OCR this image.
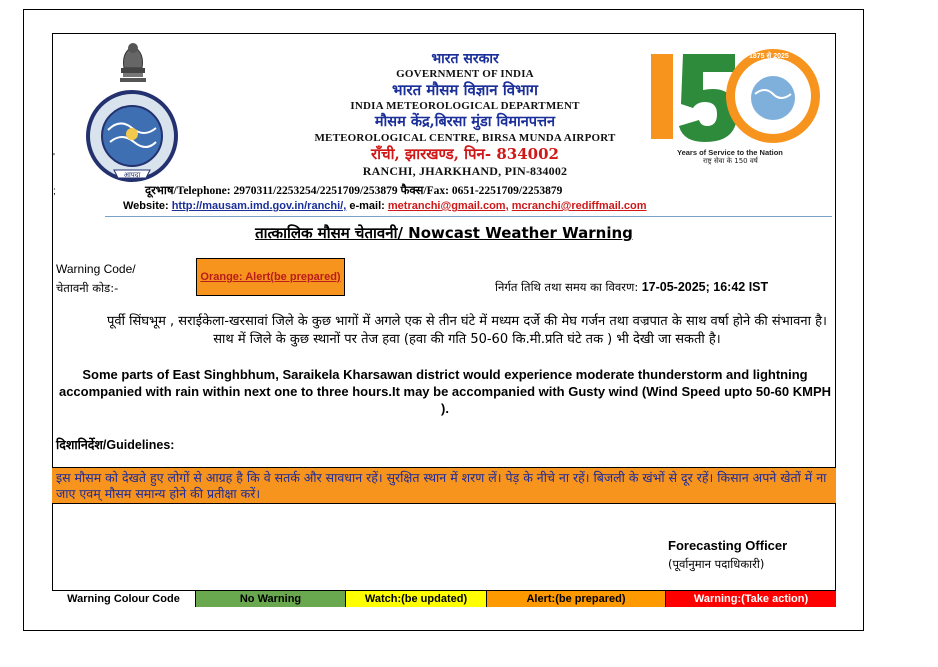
'
;
आपदा
भारत सरकार
GOVERNMENT OF INDIA
भारत मौसम विज्ञान विभाग
INDIA METEOROLOGICAL DEPARTMENT
मौसम केंद्र,बिरसा मुंडा विमानपत्तन
METEOROLOGICAL CENTRE, BIRSA MUNDA AIRPORT
राँची, झारखण्ड, पिन- 834002
RANCHI, JHARKHAND, PIN-834002
दूरभाष/Telephone: 2970311/2253254/2251709/253879 फैक्स/Fax: 0651-2251709/2253879
Website: http://mausam.imd.gov.in/ranchi/, e-mail: metranchi@gmail.com, mcranchi@rediffmail.com
1875 से 2025
Years of Service to the Nation
राष्ट्र सेवा के 150 वर्ष
तात्कालिक मौसम चेतावनी/ Nowcast Weather Warning
Warning Code/
चेतावनी कोड:-
Orange: Alert(be prepared)
निर्गत तिथि तथा समय का विवरण: 17-05-2025; 16:42 IST
पूर्वी सिंघभूम , सराईकेला-खरसावां जिले के कुछ भागों में अगले एक से तीन घंटे में मध्यम दर्जे की मेघ गर्जन तथा वज्रपात के साथ वर्षा होने की संभावना है। साथ में जिले के कुछ स्थानों पर तेज हवा (हवा की गति 50-60 कि.मी.प्रति घंटे तक ) भी देखी जा सकती है।
Some parts of East Singhbhum, Saraikela Kharsawan district would experience moderate thunderstorm and lightning accompanied with rain within next one to three hours.It may be accompanied with Gusty wind (Wind Speed upto 50-60 KMPH ).
दिशानिर्देश/Guidelines:
इस मौसम को देखते हुए लोगों से आग्रह है कि वे सतर्क और सावधान रहें। सुरक्षित स्थान में शरण लें। पेड़ के नीचे ना रहें। बिजली के खंभों से दूर रहें। किसान अपने खेतों में ना जाए एवम् मौसम समान्य होने की प्रतीक्षा करें।
Forecasting Officer
(पूर्वानुमान पदाधिकारी)
Warning Colour Code	No Warning	Watch:(be updated)	Alert:(be prepared)	Warning:(Take action)
